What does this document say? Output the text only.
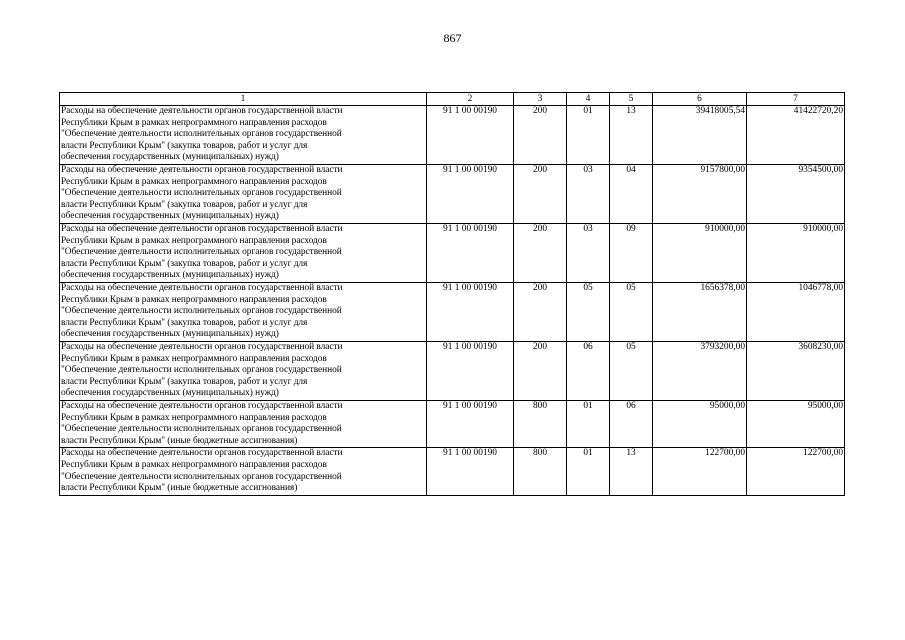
867
1	2	3	4	5	6	7

Расходы на обеспечение деятельности органов государственной власти
Республики Крым в рамках непрограммного направления расходов
"Обеспечение деятельности исполнительных органов государственной
власти Республики Крым" (закупка товаров, работ и услуг для
обеспечения государственных (муниципальных) нужд)	91 1 00 00190	200	01	13	39418005,54	41422720,20

Расходы на обеспечение деятельности органов государственной власти
Республики Крым в рамках непрограммного направления расходов
"Обеспечение деятельности исполнительных органов государственной
власти Республики Крым" (закупка товаров, работ и услуг для
обеспечения государственных (муниципальных) нужд)	91 1 00 00190	200	03	04	9157800,00	9354500,00

Расходы на обеспечение деятельности органов государственной власти
Республики Крым в рамках непрограммного направления расходов
"Обеспечение деятельности исполнительных органов государственной
власти Республики Крым" (закупка товаров, работ и услуг для
обеспечения государственных (муниципальных) нужд)	91 1 00 00190	200	03	09	910000,00	910000,00

Расходы на обеспечение деятельности органов государственной власти
Республики Крым в рамках непрограммного направления расходов
"Обеспечение деятельности исполнительных органов государственной
власти Республики Крым" (закупка товаров, работ и услуг для
обеспечения государственных (муниципальных) нужд)	91 1 00 00190	200	05	05	1656378,00	1046778,00

Расходы на обеспечение деятельности органов государственной власти
Республики Крым в рамках непрограммного направления расходов
"Обеспечение деятельности исполнительных органов государственной
власти Республики Крым" (закупка товаров, работ и услуг для
обеспечения государственных (муниципальных) нужд)	91 1 00 00190	200	06	05	3793200,00	3608230,00

Расходы на обеспечение деятельности органов государственной власти
Республики Крым в рамках непрограммного направления расходов
"Обеспечение деятельности исполнительных органов государственной
власти Республики Крым" (иные бюджетные ассигнования)	91 1 00 00190	800	01	06	95000,00	95000,00

Расходы на обеспечение деятельности органов государственной власти
Республики Крым в рамках непрограммного направления расходов
"Обеспечение деятельности исполнительных органов государственной
власти Республики Крым" (иные бюджетные ассигнования)	91 1 00 00190	800	01	13	122700,00	122700,00
